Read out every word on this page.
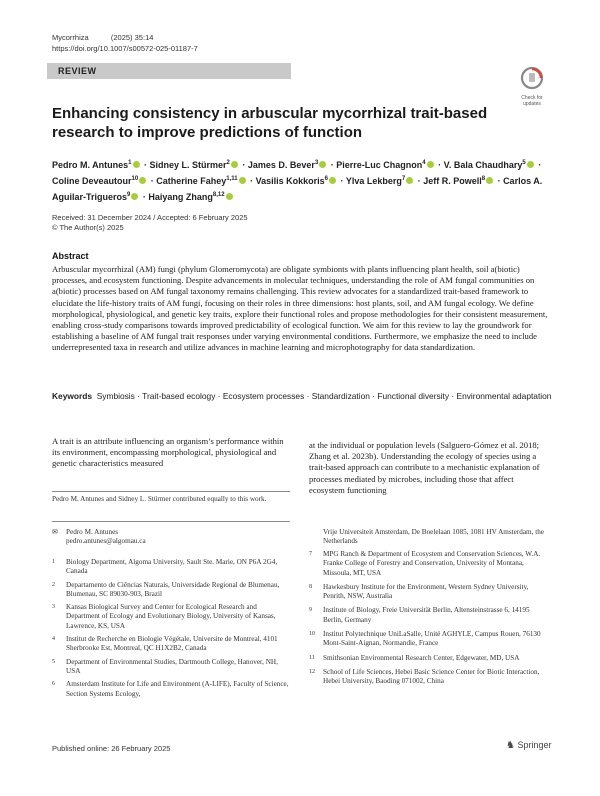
Mycorrhiza	(2025) 35:14
https://doi.org/10.1007/s00572-025-01187-7
REVIEW
Check for
updates
Enhancing consistency in arbuscular mycorrhizal trait-based research to improve predictions of function
Pedro M. Antunes$^1$ · Sidney L. Stürmer$^2$ · James D. Bever$^3$ · Pierre-Luc Chagnon$^4$ · V. Bala Chaudhary$^5$ · Coline Deveautour$^{10}$ · Catherine Fahey$^{1,11}$ · Vasilis Kokkoris$^6$ · Ylva Lekberg$^7$ · Jeff R. Powell$^8$ · Carlos A. Aguilar-Trigueros$^9$ · Haiyang Zhang$^{8,12}$
Received: 31 December 2024 / Accepted: 6 February 2025
© The Author(s) 2025
Abstract
Arbuscular mycorrhizal (AM) fungi (phylum Glomeromycota) are obligate symbionts with plants influencing plant health, soil a(biotic) processes, and ecosystem functioning. Despite advancements in molecular techniques, understanding the role of AM fungal communities on a(biotic) processes based on AM fungal taxonomy remains challenging. This review advocates for a standardized trait-based framework to elucidate the life-history traits of AM fungi, focusing on their roles in three dimensions: host plants, soil, and AM fungal ecology. We define morphological, physiological, and genetic key traits, explore their functional roles and propose methodologies for their consistent measurement, enabling cross-study comparisons towards improved predictability of ecological function. We aim for this review to lay the groundwork for establishing a baseline of AM fungal trait responses under varying environmental conditions. Furthermore, we emphasize the need to include underrepresented taxa in research and utilize advances in machine learning and microphotography for data standardization.
Keywords Symbiosis · Trait-based ecology · Ecosystem processes · Standardization · Functional diversity · Environmental adaptation
A trait is an attribute influencing an organism’s performance within its environment, encompassing morphological, physiological and genetic characteristics measured
at the individual or population levels (Salguero-Gómez et al. 2018; Zhang et al. 2023b). Understanding the ecology of species using a trait-based approach can contribute to a mechanistic explanation of processes mediated by microbes, including those that affect ecosystem functioning
Pedro M. Antunes and Sidney L. Stürmer contributed equally to this work.
✉ Pedro M. Antunes
pedro.antunes@algomau.ca
1 Biology Department, Algoma University, Sault Ste. Marie, ON P6A 2G4, Canada
2 Departamento de Ciências Naturais, Universidade Regional de Blumenau, Blumenau, SC 89030-903, Brazil
3 Kansas Biological Survey and Center for Ecological Research and Department of Ecology and Evolutionary Biology, University of Kansas, Lawrence, KS, USA
4 Institut de Recherche en Biologie Végétale, Universite de Montreal, 4101 Sherbrooke Est, Montreal, QC H1X2B2, Canada
5 Department of Environmental Studies, Dartmouth College, Hanover, NH, USA
6 Amsterdam Institute for Life and Environment (A-LIFE), Faculty of Science, Section Systems Ecology,
Vrije Universiteit Amsterdam, De Boelelaan 1085, 1081 HV Amsterdam, the Netherlands
7 MPG Ranch & Department of Ecosystem and Conservation Sciences, W.A. Franke College of Forestry and Conservation, University of Montana, Missoula, MT, USA
8 Hawkesbury Institute for the Environment, Western Sydney University, Penrith, NSW, Australia
9 Institute of Biology, Freie Universität Berlin, Altensteinstrasse 6, 14195 Berlin, Germany
10 Institut Polytechnique UniLaSalle, Unité AGHYLE, Campus Rouen, 76130 Mont-Saint-Aignan, Normandie, France
11 Smithsonian Environmental Research Center, Edgewater, MD, USA
12 School of Life Sciences, Hebei Basic Science Center for Biotic Interaction, Hebei University, Baoding 071002, China
Published online: 26 February 2025	♞ Springer
